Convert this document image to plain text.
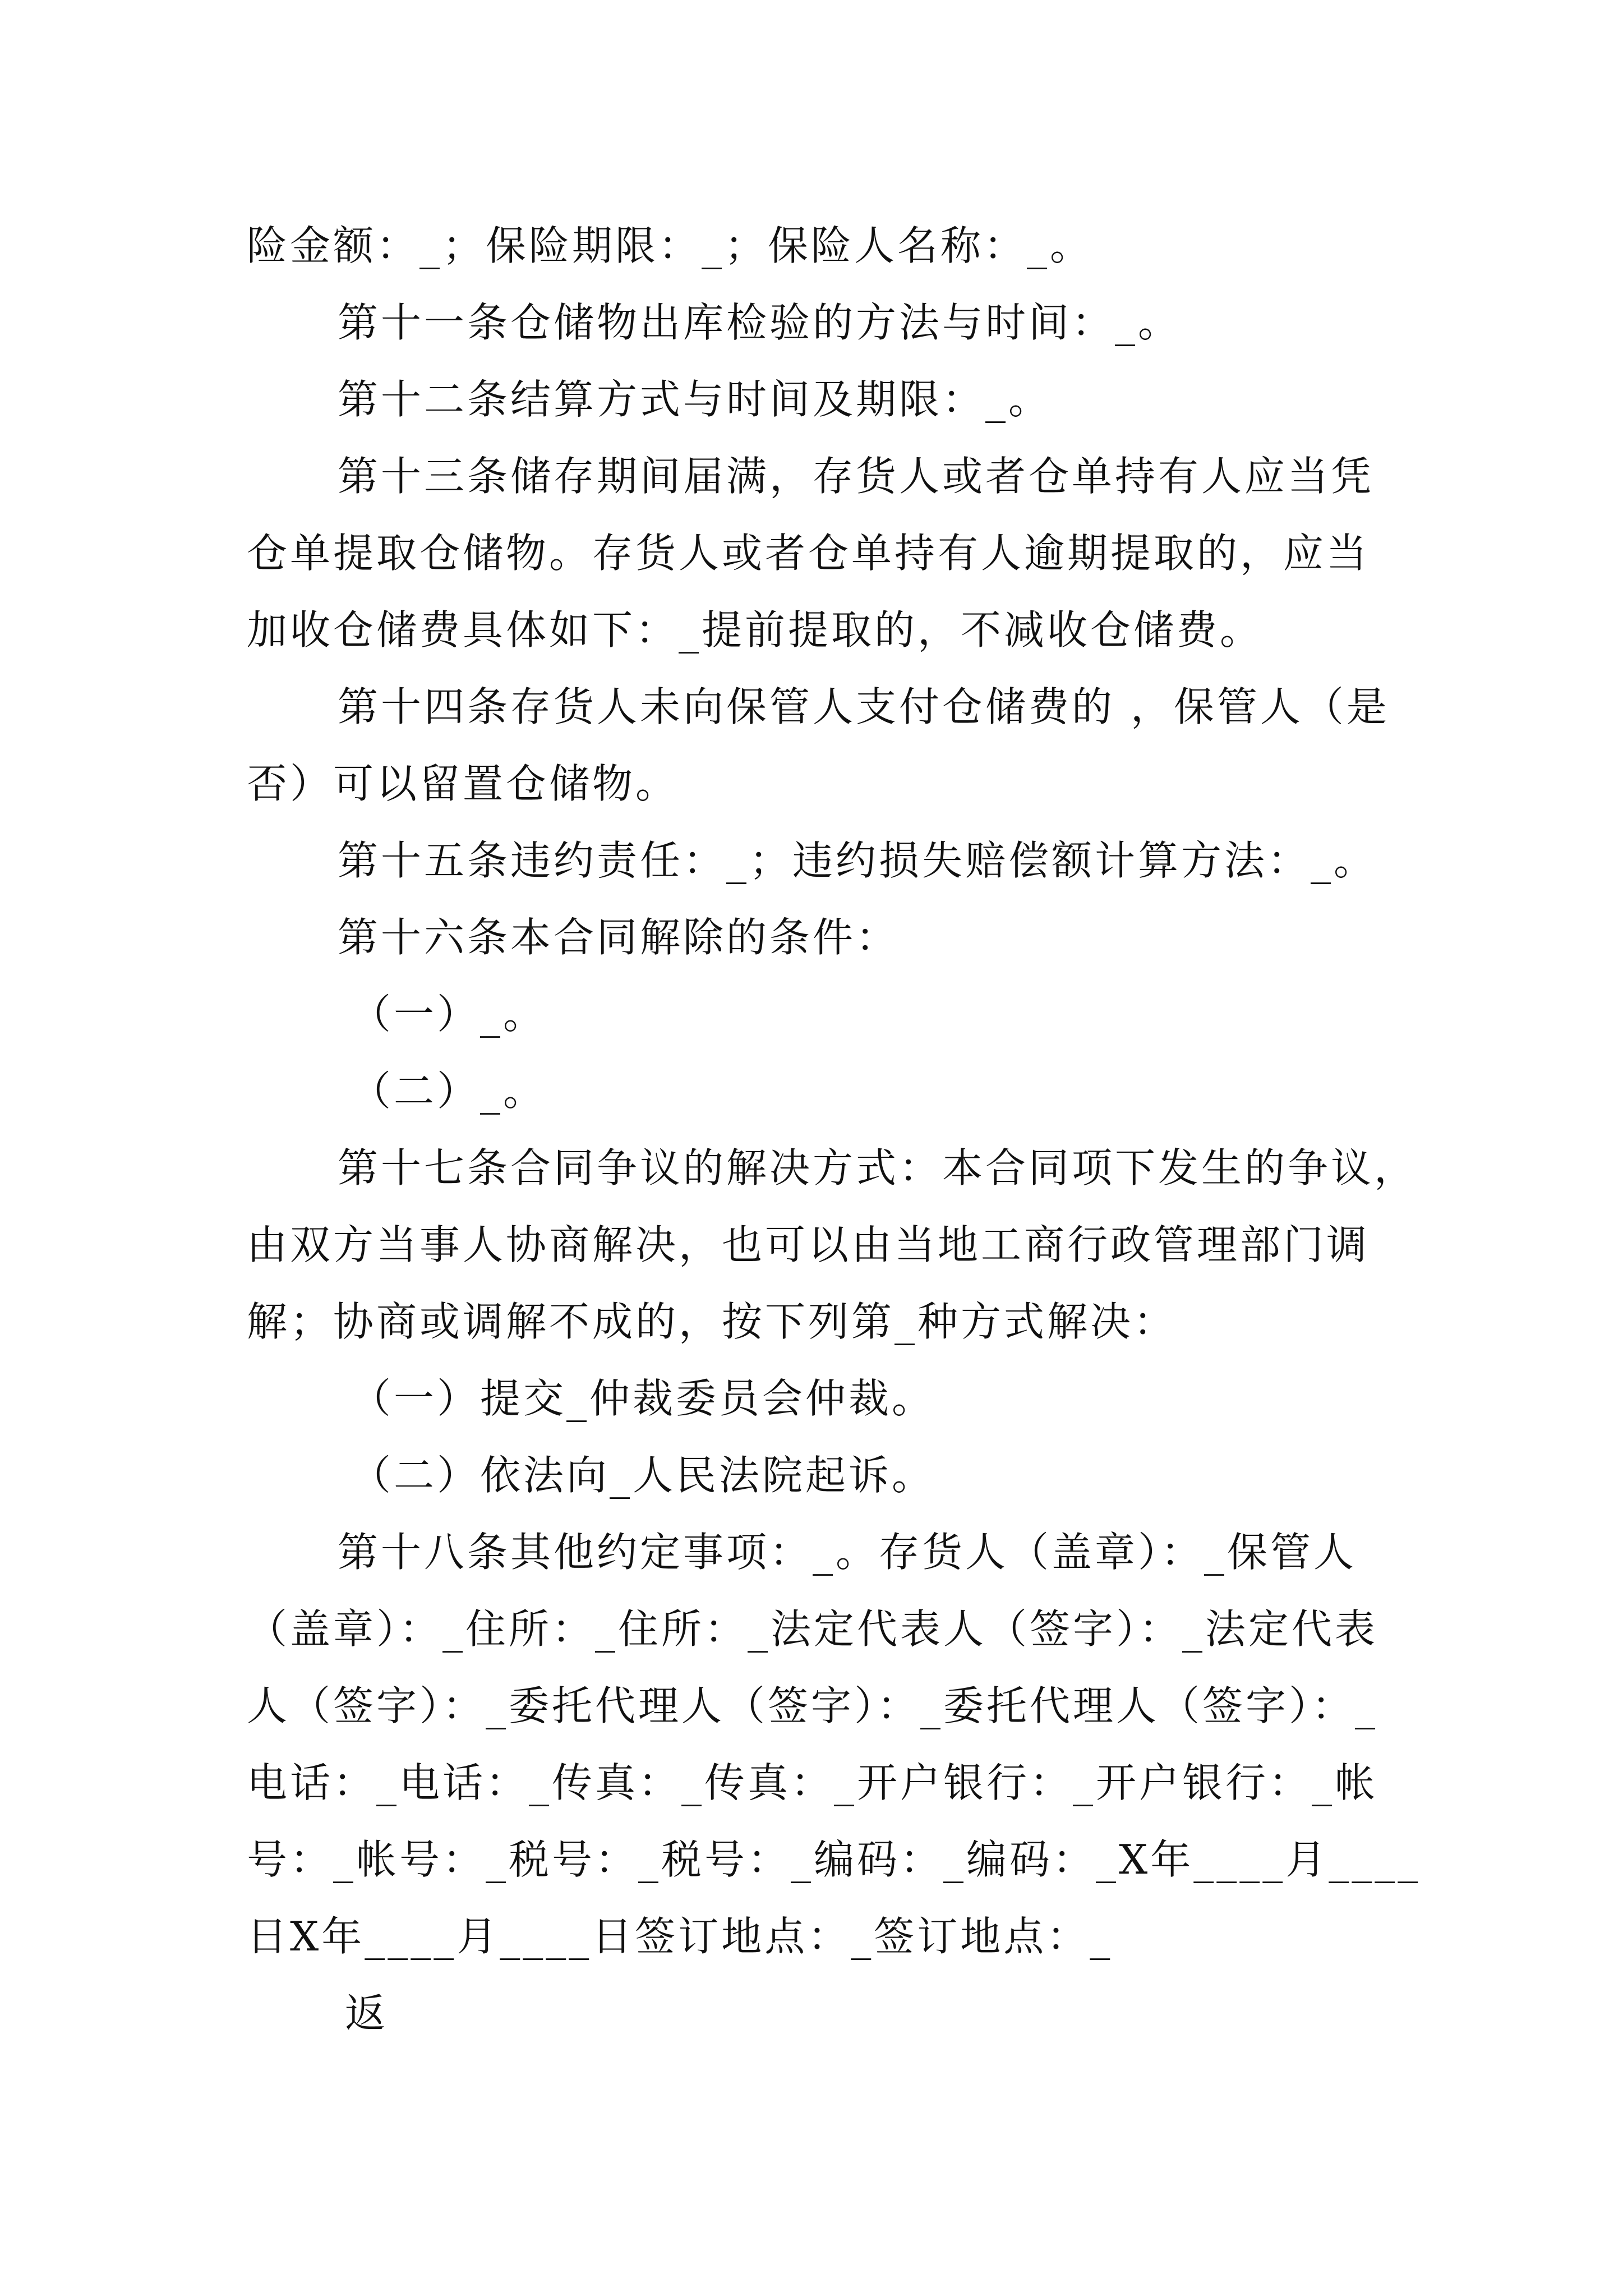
险金额：_；保险期限：_；保险人名称：_。

第十一条仓储物出库检验的方法与时间：_。

第十二条结算方式与时间及期限：_。

第十三条储存期间届满，存货人或者仓单持有人应当凭

仓单提取仓储物。存货人或者仓单持有人逾期提取的，应当

加收仓储费具体如下：_提前提取的，不减收仓储费。

第十四条存货人未向保管人支付仓储费的 ，保管人（是

否）可以留置仓储物。

第十五条违约责任：_；违约损失赔偿额计算方法：_。

第十六条本合同解除的条件：

（一）_。

（二）_。

第十七条合同争议的解决方式：本合同项下发生的争议，

由双方当事人协商解决，也可以由当地工商行政管理部门调

解；协商或调解不成的，按下列第_种方式解决：

（一）提交_仲裁委员会仲裁。

（二）依法向_人民法院起诉。

第十八条其他约定事项：_。存货人（盖章）：_保管人

（盖章）：_住所：_住所：_法定代表人（签字）：_法定代表

人（签字）：_委托代理人（签字）：_委托代理人（签字）：_

电话：_电话：_传真：_传真：_开户银行：_开户银行：_帐

号：_帐号：_税号：_税号：_编码：_编码：_X年____月____

日X年____月____日签订地点：_签订地点：_

返
